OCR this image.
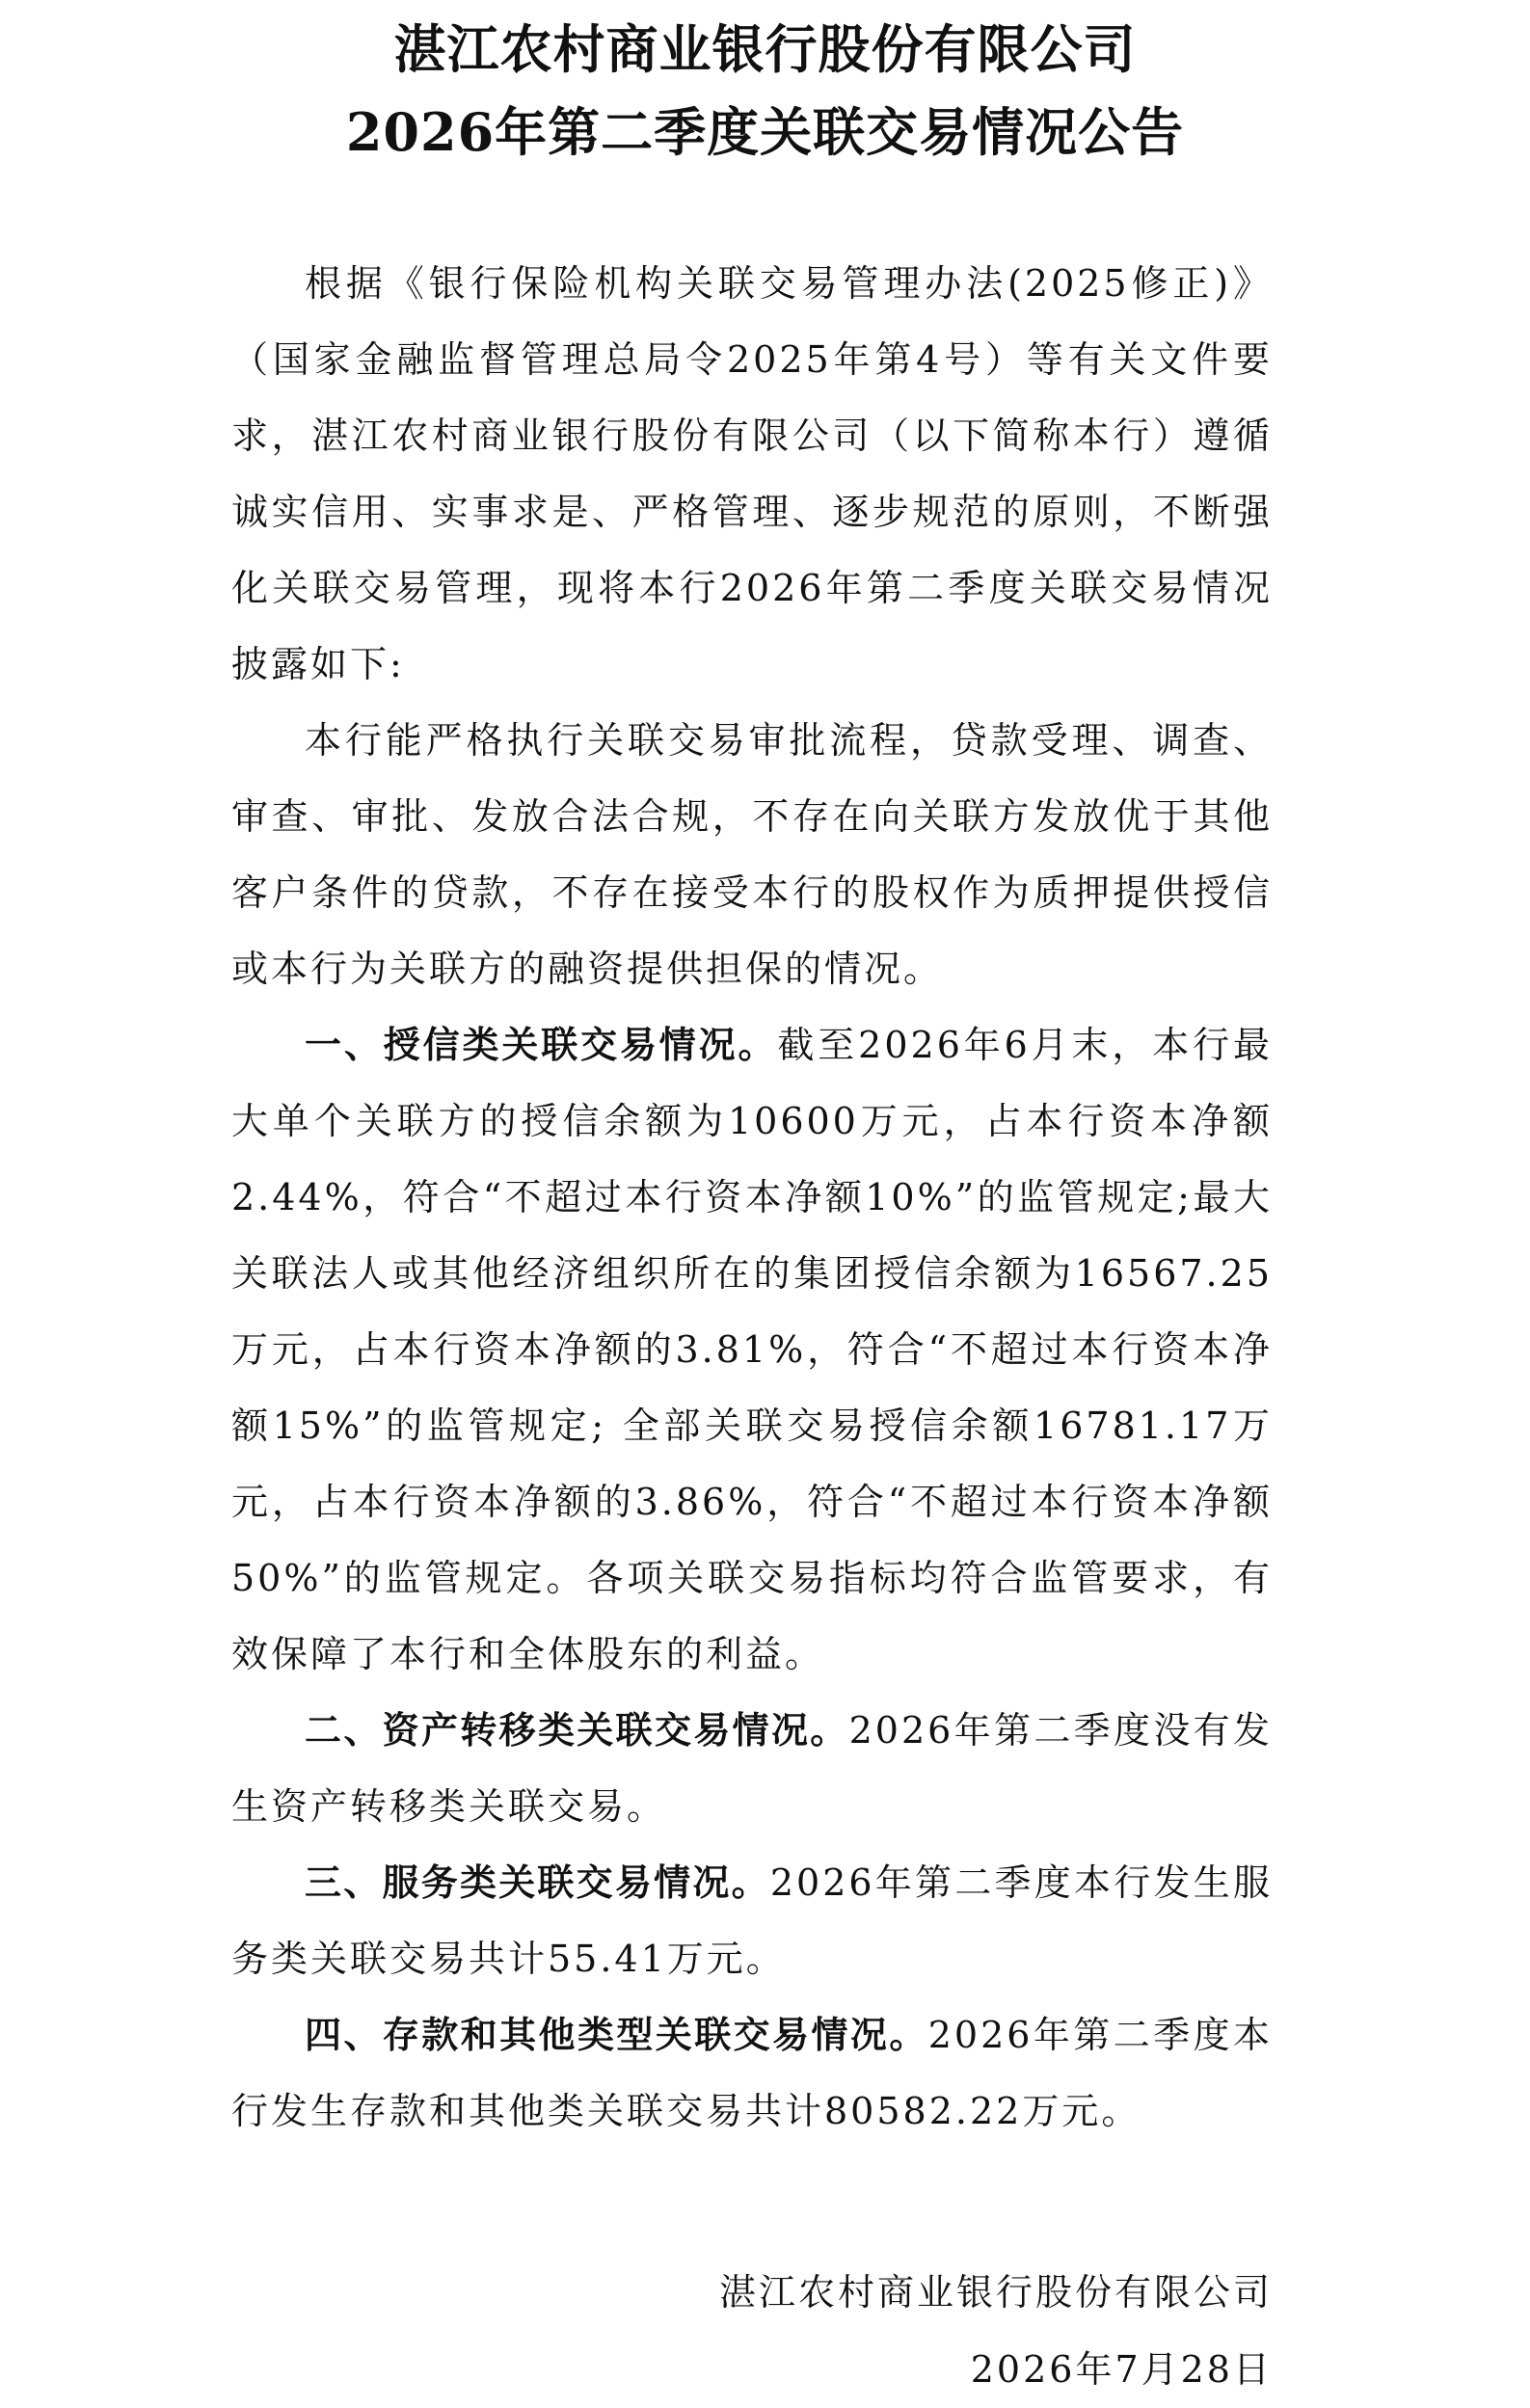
湛江农村商业银行股份有限公司
2026年第二季度关联交易情况公告

根据《银行保险机构关联交易管理办法(2025修正)》（国家金融监督管理总局令2025年第4号）等有关文件要求，湛江农村商业银行股份有限公司（以下简称本行）遵循诚实信用、实事求是、严格管理、逐步规范的原则，不断强化关联交易管理，现将本行2026年第二季度关联交易情况披露如下:

本行能严格执行关联交易审批流程，贷款受理、调查、审查、审批、发放合法合规，不存在向关联方发放优于其他客户条件的贷款，不存在接受本行的股权作为质押提供授信或本行为关联方的融资提供担保的情况。

一、授信类关联交易情况。截至2026年6月末，本行最大单个关联方的授信余额为10600万元，占本行资本净额2.44%，符合“不超过本行资本净额10%”的监管规定;最大关联法人或其他经济组织所在的集团授信余额为16567.25万元，占本行资本净额的3.81%，符合“不超过本行资本净额15%”的监管规定; 全部关联交易授信余额16781.17万元，占本行资本净额的3.86%，符合“不超过本行资本净额50%”的监管规定。各项关联交易指标均符合监管要求，有效保障了本行和全体股东的利益。

二、资产转移类关联交易情况。2026年第二季度没有发生资产转移类关联交易。

三、服务类关联交易情况。2026年第二季度本行发生服务类关联交易共计55.41万元。

四、存款和其他类型关联交易情况。2026年第二季度本行发生存款和其他类关联交易共计80582.22万元。

湛江农村商业银行股份有限公司
2026年7月28日
